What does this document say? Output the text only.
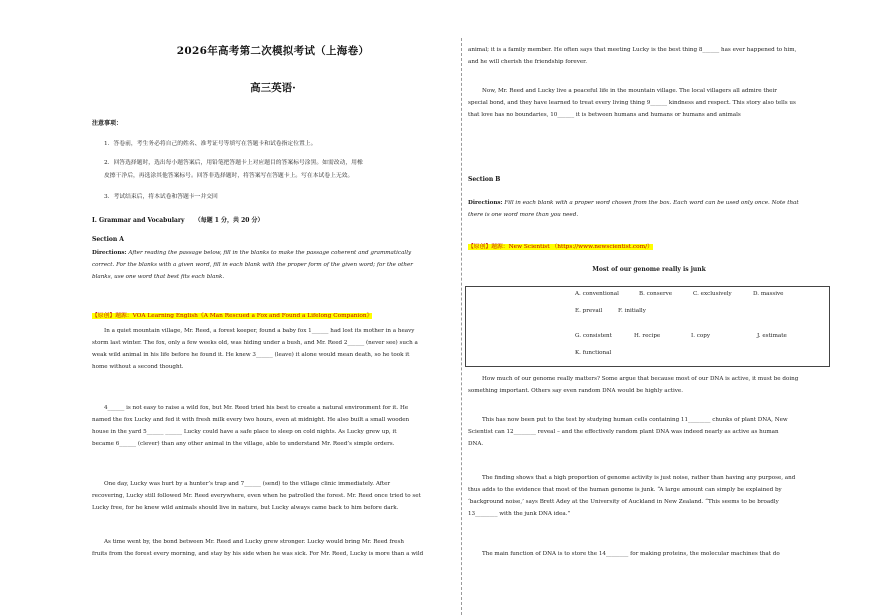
2026年高考第二次模拟考试（上海卷）
高三英语·
注意事项：
1．答卷前，考生务必将自己的姓名、准考证号等填写在答题卡和试卷指定位置上。
2．回答选择题时，选出每小题答案后，用铅笔把答题卡上对应题目的答案标号涂黑。如需改动，用橡
皮擦干净后，再选涂其他答案标号。回答非选择题时，将答案写在答题卡上。写在本试卷上无效。
3．考试结束后，将本试卷和答题卡一并交回
I. Grammar and Vocabulary （每题 1 分，共 20 分）
Section A
Directions: After reading the passage below, fill in the blanks to make the passage coherent and grammatically
correct. For the blanks with a given word, fill in each blank with the proper form of the given word; for the other
blanks, use one word that best fits each blank.
【原创】题源：VOA Learning English《A Man Rescued a Fox and Found a Lifelong Companion》
In a quiet mountain village, Mr. Reed, a forest keeper, found a baby fox 1______ had lost its mother in a heavy
storm last winter. The fox, only a few weeks old, was hiding under a bush, and Mr. Reed 2______ (never see) such a
weak wild animal in his life before he found it. He knew 3______ (leave) it alone would mean death, so he took it
home without a second thought.
4______ is not easy to raise a wild fox, but Mr. Reed tried his best to create a natural environment for it. He
named the fox Lucky and fed it with fresh milk every two hours, even at midnight. He also built a small wooden
house in the yard 5______ ______ Lucky could have a safe place to sleep on cold nights. As Lucky grew up, it
became 6______ (clever) than any other animal in the village, able to understand Mr. Reed’s simple orders.
One day, Lucky was hurt by a hunter’s trap and 7______ (send) to the village clinic immediately. After
recovering, Lucky still followed Mr. Reed everywhere, even when he patrolled the forest. Mr. Reed once tried to set
Lucky free, for he knew wild animals should live in nature, but Lucky always came back to him before dark.
As time went by, the bond between Mr. Reed and Lucky grew stronger. Lucky would bring Mr. Reed fresh
fruits from the forest every morning, and stay by his side when he was sick. For Mr. Reed, Lucky is more than a wild
animal; it is a family member. He often says that meeting Lucky is the best thing 8______ has ever happened to him,
and he will cherish the friendship forever.
Now, Mr. Reed and Lucky live a peaceful life in the mountain village. The local villagers all admire their
special bond, and they have learned to treat every living thing 9______ kindness and respect. This story also tells us
that love has no boundaries, 10______ it is between humans and humans or humans and animals
Section B
Directions: Fill in each blank with a proper word chosen from the box. Each word can be used only once. Note that
there is one word more than you need.
【原创】题源：New Scientist （https://www.newscientist.com/）
Most of our genome really is junk
A. conventional	B. conserve	C. exclusively	D. massive
E. prevail	F. initially
G. consistent	H. recipe	I. copy	J. estimate
K. functional
How much of our genome really matters? Some argue that because most of our DNA is active, it must be doing
something important. Others say even random DNA would be highly active.
This has now been put to the test by studying human cells containing 11________ chunks of plant DNA, New
Scientist can 12________ reveal – and the effectively random plant DNA was indeed nearly as active as human
DNA.
The finding shows that a high proportion of genome activity is just noise, rather than having any purpose, and
thus adds to the evidence that most of the human genome is junk. “A large amount can simply be explained by
‘background noise,’ says Brett Adey at the University of Auckland in New Zealand. “This seems to be broadly
13________ with the junk DNA idea.”
The main function of DNA is to store the 14________ for making proteins, the molecular machines that do
